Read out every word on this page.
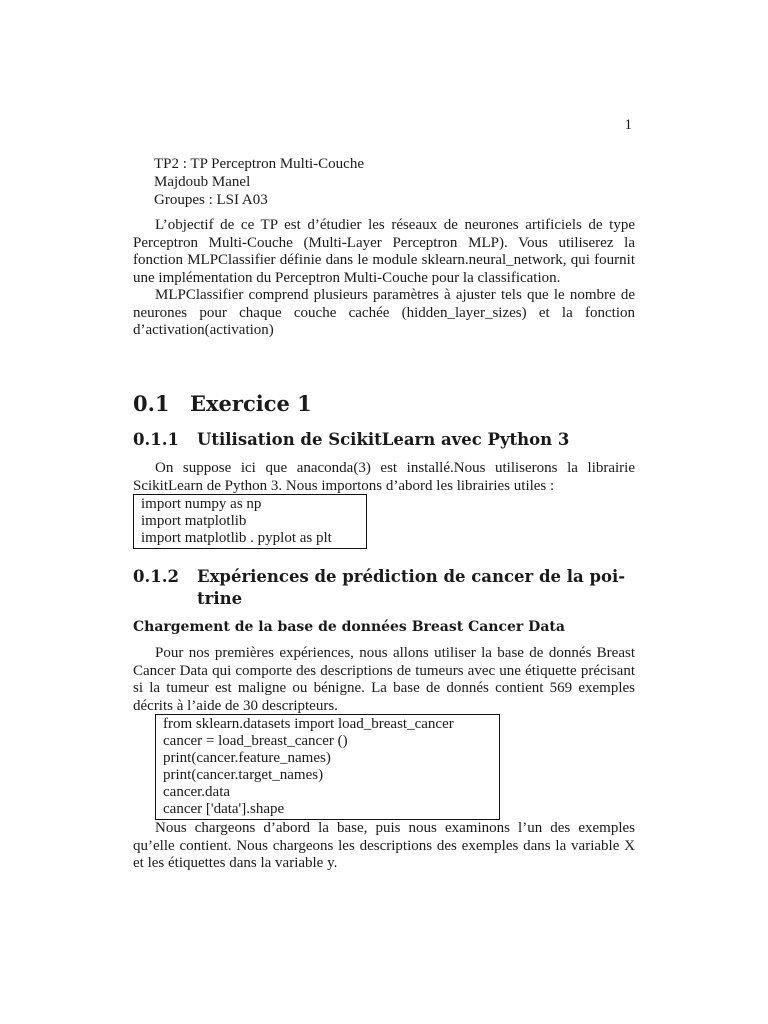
1
TP2 : TP Perceptron Multi-Couche
Majdoub Manel
Groupes : LSI A03

L’objectif de ce TP est d’étudier les réseaux de neurones artificiels de type Perceptron Multi-Couche (Multi-Layer Perceptron MLP). Vous utiliserez la fonction MLPClassifier définie dans le module sklearn.neural_network, qui fournit une implémentation du Perceptron Multi-Couche pour la classification.

MLPClassifier comprend plusieurs paramètres à ajuster tels que le nombre de neurones pour chaque couche cachée (hidden_layer_sizes) et la fonction d’activation(activation)

0.1 Exercice 1
0.1.1 Utilisation de ScikitLearn avec Python 3

On suppose ici que anaconda(3) est installé.Nous utiliserons la librairie ScikitLearn de Python 3. Nous importons d’abord les librairies utiles :

import numpy as np
import matplotlib
import matplotlib . pyplot as plt
0.1.2 Expériences de prédiction de cancer de la poi-
trine
Chargement de la base de données Breast Cancer Data

Pour nos premières expériences, nous allons utiliser la base de donnés Breast Cancer Data qui comporte des descriptions de tumeurs avec une étiquette précisant si la tumeur est maligne ou bénigne. La base de donnés contient 569 exemples décrits à l’aide de 30 descripteurs.

from sklearn.datasets import load_breast_cancer
cancer = load_breast_cancer ()
print(cancer.feature_names)
print(cancer.target_names)
cancer.data
cancer ['data'].shape

Nous chargeons d’abord la base, puis nous examinons l’un des exemples qu’elle contient. Nous chargeons les descriptions des exemples dans la variable X et les étiquettes dans la variable y.
